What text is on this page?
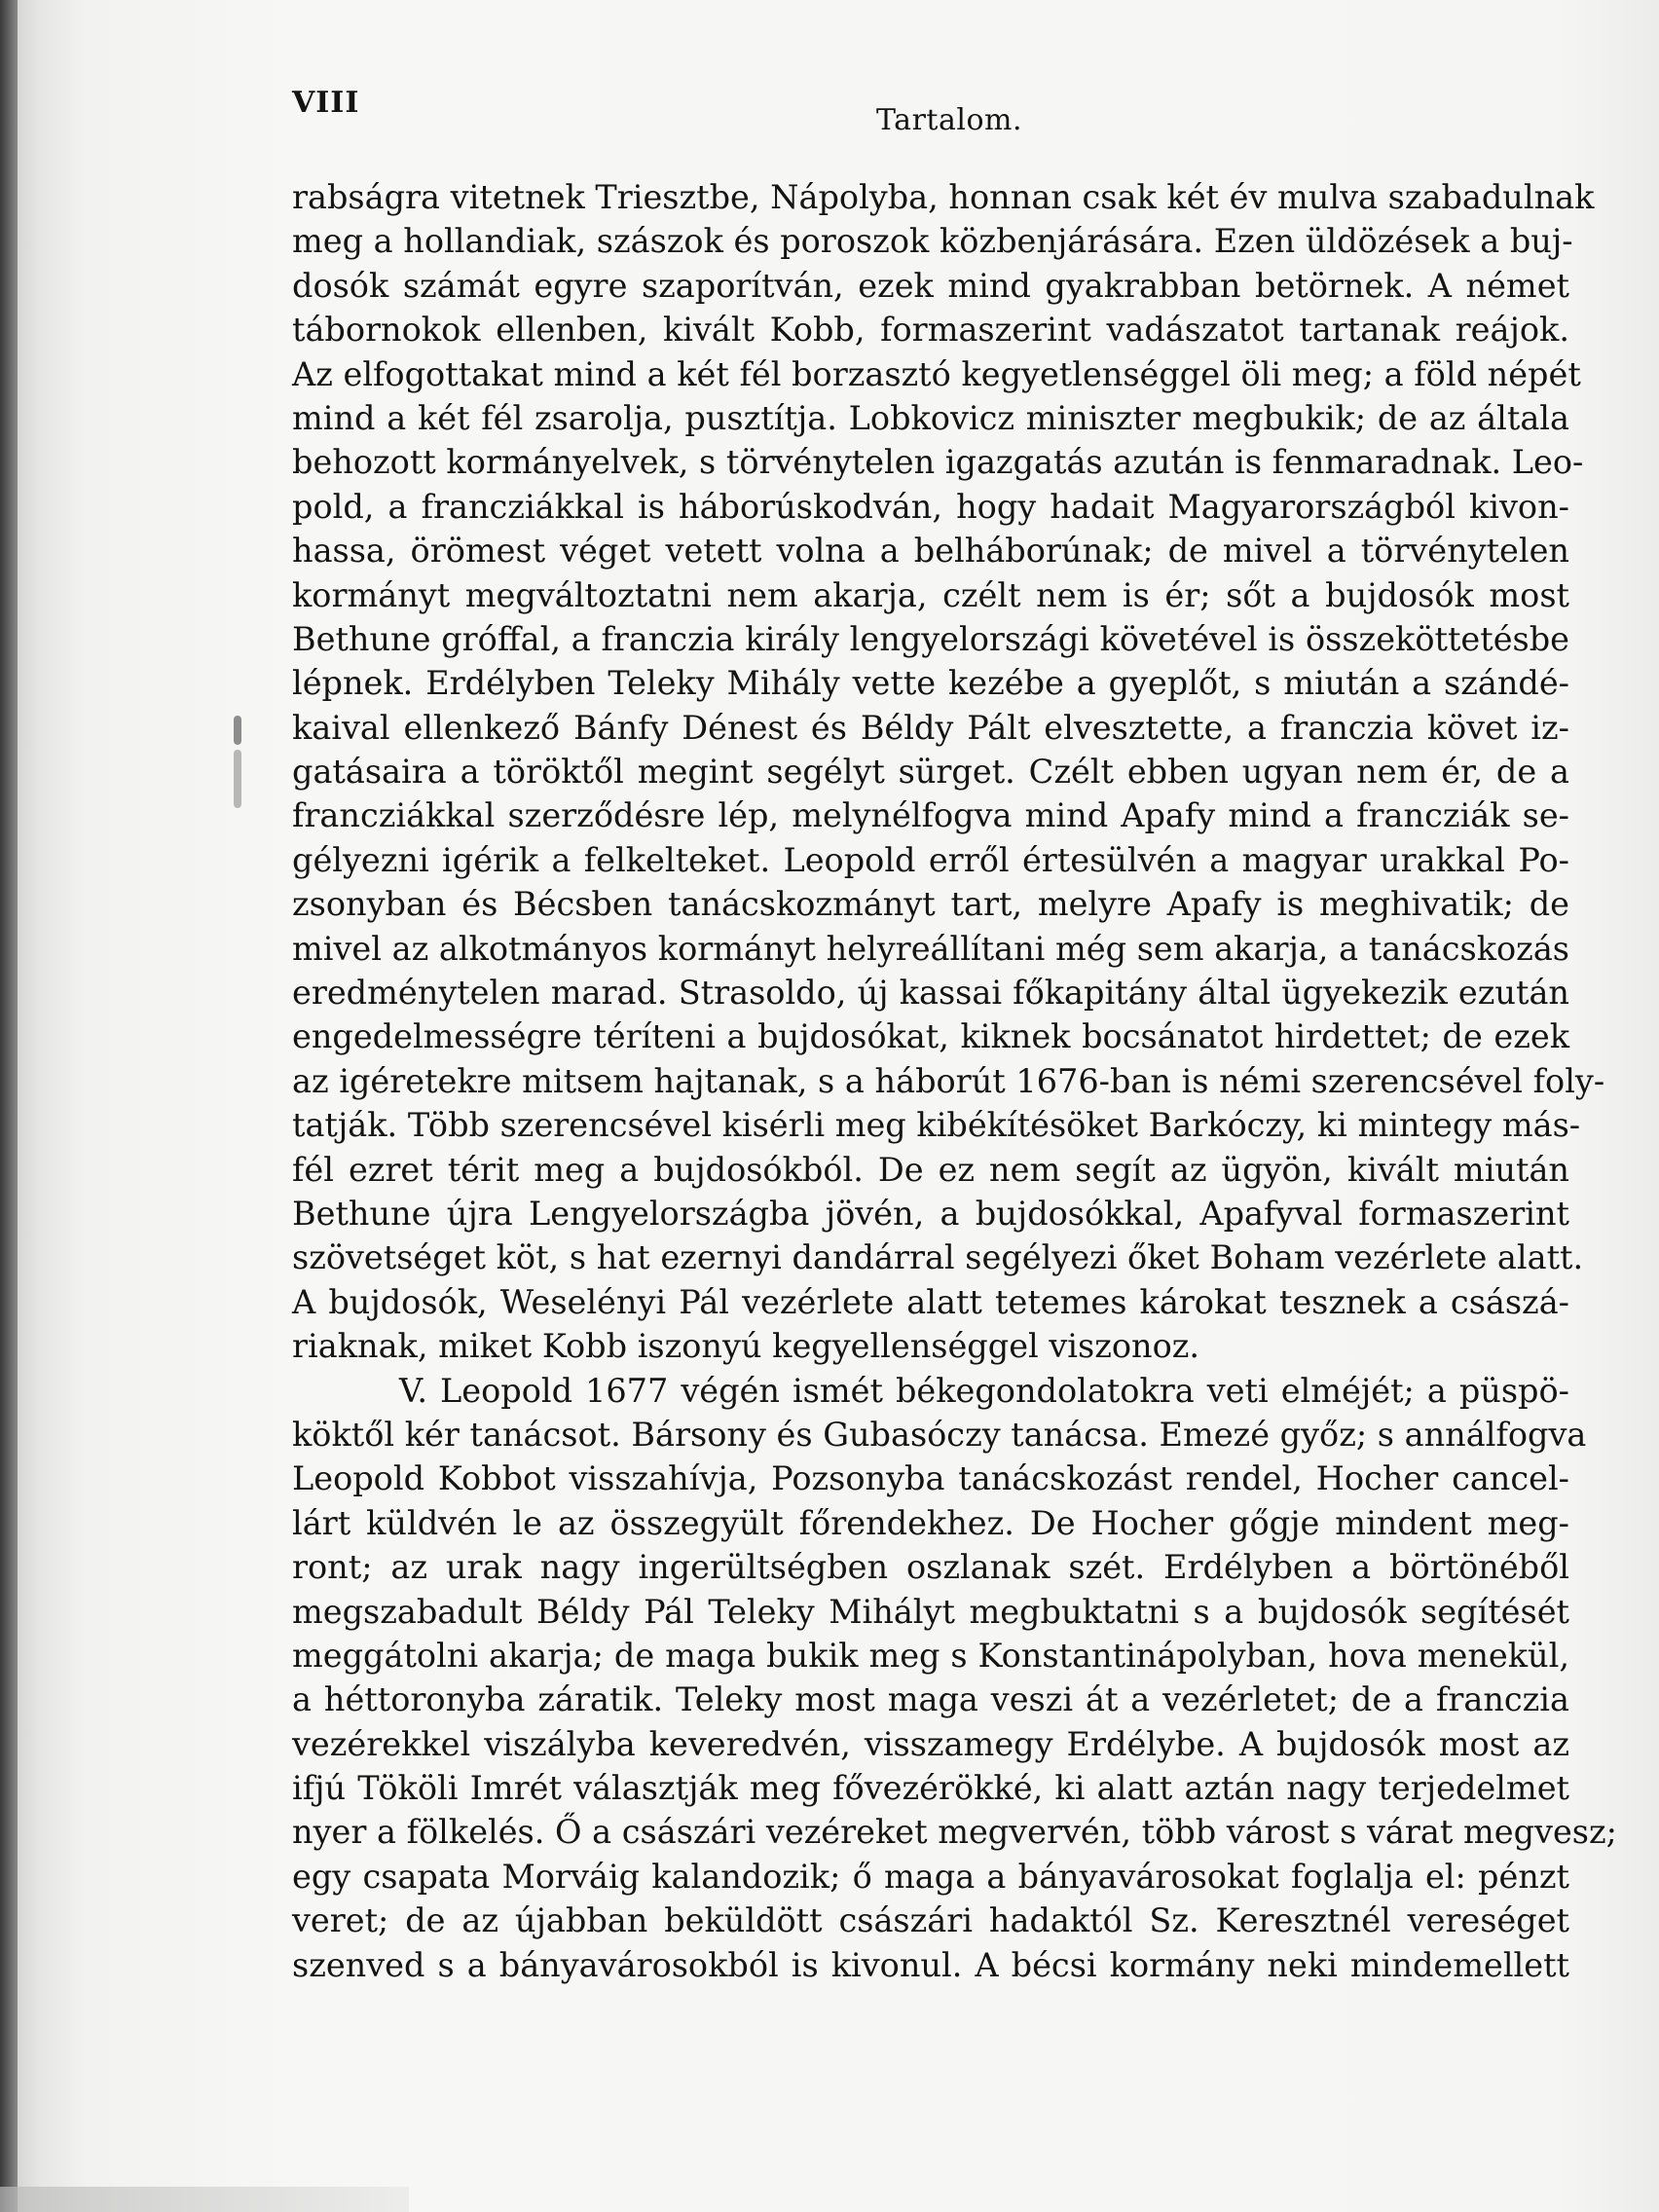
VIII
Tartalom.
rabságra vitetnek Triesztbe, Nápolyba, honnan csak két év mulva szabadulnak
meg a hollandiak, szászok és poroszok közbenjárására. Ezen üldözések a buj-
dosók számát egyre szaporítván, ezek mind gyakrabban betörnek. A német
tábornokok ellenben, kivált Kobb, formaszerint vadászatot tartanak reájok.
Az elfogottakat mind a két fél borzasztó kegyetlenséggel öli meg; a föld népét
mind a két fél zsarolja, pusztítja. Lobkovicz miniszter megbukik; de az általa
behozott kormányelvek, s törvénytelen igazgatás azután is fenmaradnak. Leo-
pold, a francziákkal is háborúskodván, hogy hadait Magyarországból kivon-
hassa, örömest véget vetett volna a belháborúnak; de mivel a törvénytelen
kormányt megváltoztatni nem akarja, czélt nem is ér; sőt a bujdosók most
Bethune gróffal, a franczia király lengyelországi követével is összeköttetésbe
lépnek. Erdélyben Teleky Mihály vette kezébe a gyeplőt, s miután a szándé-
kaival ellenkező Bánfy Dénest és Béldy Pált elvesztette, a franczia követ iz-
gatásaira a töröktől megint segélyt sürget. Czélt ebben ugyan nem ér, de a
francziákkal szerződésre lép, melynélfogva mind Apafy mind a francziák se-
gélyezni igérik a felkelteket. Leopold erről értesülvén a magyar urakkal Po-
zsonyban és Bécsben tanácskozmányt tart, melyre Apafy is meghivatik; de
mivel az alkotmányos kormányt helyreállítani még sem akarja, a tanácskozás
eredménytelen marad. Strasoldo, új kassai főkapitány által ügyekezik ezután
engedelmességre téríteni a bujdosókat, kiknek bocsánatot hirdettet; de ezek
az igéretekre mitsem hajtanak, s a háborút 1676-ban is némi szerencsével foly-
tatják. Több szerencsével kisérli meg kibékítésöket Barkóczy, ki mintegy más-
fél ezret térit meg a bujdosókból. De ez nem segít az ügyön, kivált miután
Bethune újra Lengyelországba jövén, a bujdosókkal, Apafyval formaszerint
szövetséget köt, s hat ezernyi dandárral segélyezi őket Boham vezérlete alatt.
A bujdosók, Weselényi Pál vezérlete alatt tetemes károkat tesznek a császá-
riaknak, miket Kobb iszonyú kegyellenséggel viszonoz.
V. Leopold 1677 végén ismét békegondolatokra veti elméjét; a püspö-
köktől kér tanácsot. Bársony és Gubasóczy tanácsa. Emezé győz; s annálfogva
Leopold Kobbot visszahívja, Pozsonyba tanácskozást rendel, Hocher cancel-
lárt küldvén le az összegyült főrendekhez. De Hocher gőgje mindent meg-
ront; az urak nagy ingerültségben oszlanak szét. Erdélyben a börtönéből
megszabadult Béldy Pál Teleky Mihályt megbuktatni s a bujdosók segítését
meggátolni akarja; de maga bukik meg s Konstantinápolyban, hova menekül,
a héttoronyba záratik. Teleky most maga veszi át a vezérletet; de a franczia
vezérekkel viszályba keveredvén, visszamegy Erdélybe. A bujdosók most az
ifjú Tököli Imrét választják meg fővezérökké, ki alatt aztán nagy terjedelmet
nyer a fölkelés. Ő a császári vezéreket megvervén, több várost s várat megvesz;
egy csapata Morváig kalandozik; ő maga a bányavárosokat foglalja el: pénzt
veret; de az újabban beküldött császári hadaktól Sz. Keresztnél vereséget
szenved s a bányavárosokból is kivonul. A bécsi kormány neki mindemellett
